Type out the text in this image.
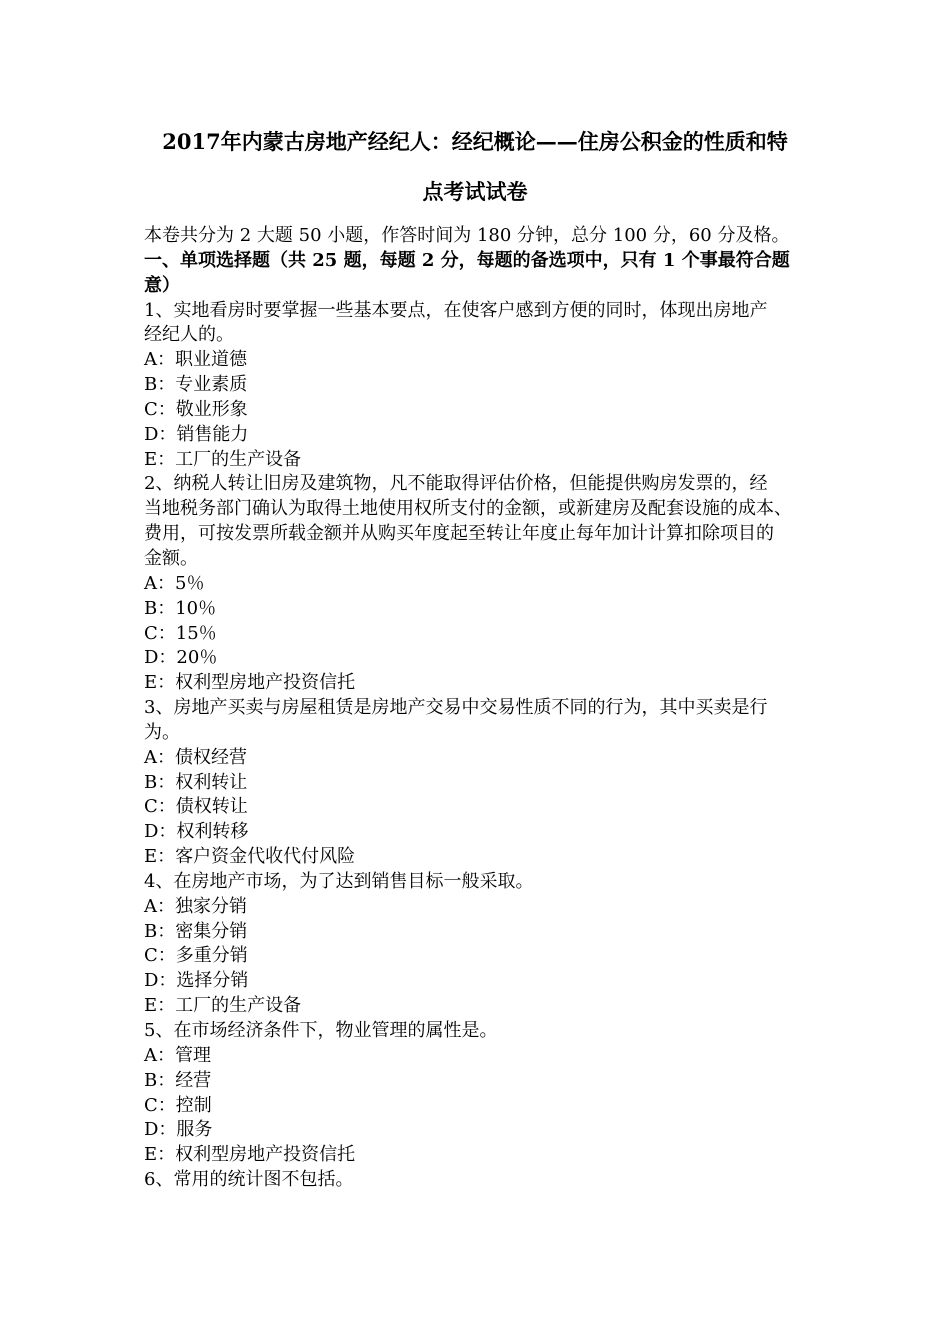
2017年内蒙古房地产经纪人：经纪概论——住房公积金的性质和特
点考试试卷
本卷共分为 2 大题 50 小题，作答时间为 180 分钟，总分 100 分，60 分及格。
一、单项选择题（共 25 题，每题 2 分，每题的备选项中，只有 1 个事最符合题
意）
1、实地看房时要掌握一些基本要点，在使客户感到方便的同时，体现出房地产
经纪人的。
A：职业道德
B：专业素质
C：敬业形象
D：销售能力
E：工厂的生产设备
2、纳税人转让旧房及建筑物，凡不能取得评估价格，但能提供购房发票的，经
当地税务部门确认为取得土地使用权所支付的金额，或新建房及配套设施的成本、
费用，可按发票所载金额并从购买年度起至转让年度止每年加计计算扣除项目的
金额。
A：5％
B：10％
C：15％
D：20％
E：权利型房地产投资信托
3、房地产买卖与房屋租赁是房地产交易中交易性质不同的行为，其中买卖是行
为。
A：债权经营
B：权利转让
C：债权转让
D：权利转移
E：客户资金代收代付风险
4、在房地产市场，为了达到销售目标一般采取。
A：独家分销
B：密集分销
C：多重分销
D：选择分销
E：工厂的生产设备
5、在市场经济条件下，物业管理的属性是。
A：管理
B：经营
C：控制
D：服务
E：权利型房地产投资信托
6、常用的统计图不包括。
